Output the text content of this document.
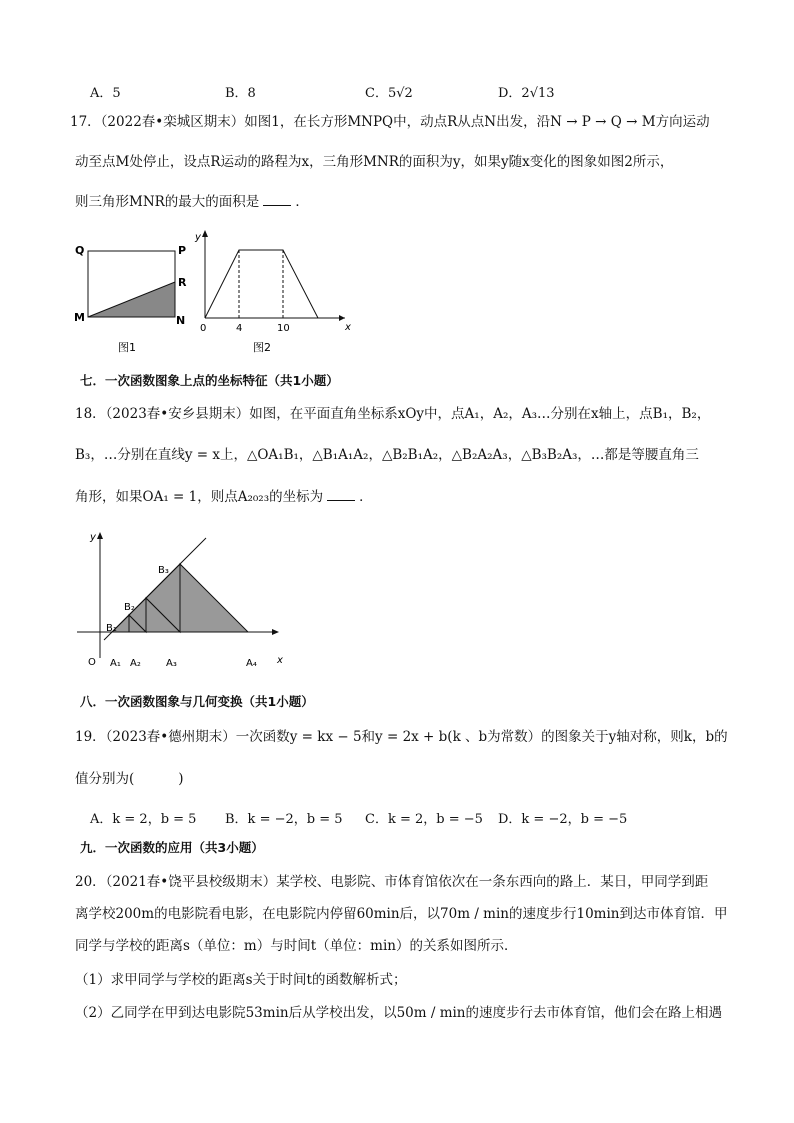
A．5	B．8	C．5√2	D．2√13
17．（2022春•栾城区期末）如图1，在长方形MNPQ中，动点R从点N出发，沿N → P → Q → M方向运动
动至点M处停止，设点R运动的路程为x，三角形MNR的面积为y，如果y随x变化的图象如图2所示，
则三角形MNR的最大的面积是	．
Q	P
R
M	N
图1
y
x
0	4	10
图2
七．一次函数图象上点的坐标特征（共1小题）
18．（2023春•安乡县期末）如图，在平面直角坐标系xOy中，点A₁，A₂，A₃…分别在x轴上，点B₁，B₂，
B₃，…分别在直线y = x上，△OA₁B₁，△B₁A₁A₂，△B₂B₁A₂，△B₂A₂A₃，△B₃B₂A₃，…都是等腰直角三
角形，如果OA₁ = 1，则点A₂₀₂₃的坐标为	．
y
x
O A₁ A₂	A₃	A₄
B₁
B₂
B₃
八．一次函数图象与几何变换（共1小题）
19．（2023春•德州期末）一次函数y = kx − 5和y = 2x + b(k 、b为常数）的图象关于y轴对称，则k，b的
值分别为(	)
A．k = 2，b = 5 B．k = −2，b = 5 C．k = 2，b = −5 D．k = −2，b = −5
九．一次函数的应用（共3小题）
20．（2021春•饶平县校级期末）某学校、电影院、市体育馆依次在一条东西向的路上．某日，甲同学到距
离学校200m的电影院看电影，在电影院内停留60min后，以70m / min的速度步行10min到达市体育馆．甲
同学与学校的距离s（单位：m）与时间t（单位：min）的关系如图所示．
（1）求甲同学与学校的距离s关于时间t的函数解析式；
（2）乙同学在甲到达电影院53min后从学校出发，以50m / min的速度步行去市体育馆，他们会在路上相遇
